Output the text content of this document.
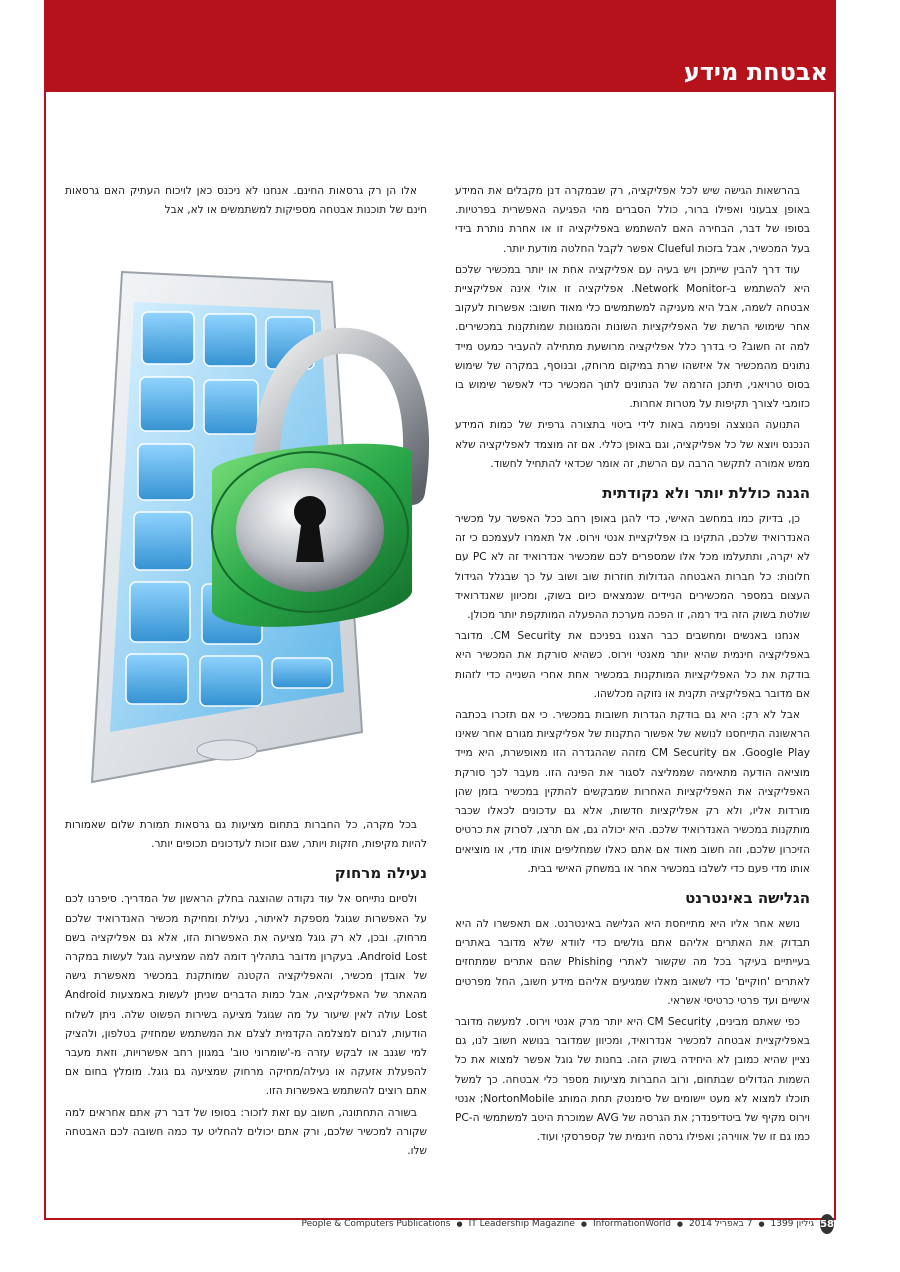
אבטחת מידע

בהרשאות הגישה שיש לכל אפליקציה, רק שבמקרה דנן מקבלים את המידע באופן צבעוני ואפילו ברור, כולל הסברים מהי הפגיעה האפשרית בפרטיות. בסופו של דבר, הבחירה האם להשתמש באפליקציה זו או אחרת נותרת בידי בעל המכשיר, אבל בזכות Clueful אפשר לקבל החלטה מודעת יותר.

עוד דרך להבין שייתכן ויש בעיה עם אפליקציה אחת או יותר במכשיר שלכם היא להשתמש ב-Network Monitor. אפליקציה זו אולי אינה אפליקציית אבטחה לשמה, אבל היא מעניקה למשתמשים כלי מאוד חשוב: אפשרות לעקוב אחר שימושי הרשת של האפליקציות השונות והמגוונות שמותקנות במכשירים. למה זה חשוב? כי בדרך כלל אפליקציה מרושעת מתחילה להעביר כמעט מייד נתונים מהמכשיר אל איזשהו שרת במיקום מרוחק, ובנוסף, במקרה של שימוש בסוס טרויאני, תיתכן הזרמה של הנתונים לתוך המכשיר כדי לאפשר שימוש בו כזומבי לצורך תקיפות על מטרות אחרות.

התנועה הנוצצה ופנימה באות לידי ביטוי בתצורה גרפית של כמות המידע הנכנס ויוצא של כל אפליקציה, וגם באופן כללי. אם זה מוצמד לאפליקציה שלא ממש אמורה לתקשר הרבה עם הרשת, זה אומר שכדאי להתחיל לחשוד.

הגנה כוללת יותר ולא נקודתית

כן, בדיוק כמו במחשב האישי, כדי להגן באופן רחב ככל האפשר על מכשיר האנדרואיד שלכם, התקינו בו אפליקציית אנטי וירוס. אל תאמרו לעצמכם כי זה לא יקרה, ותתעלמו מכל אלו שמספרים לכם שמכשיר אנדרואיד זה לא PC עם חלונות: כל חברות האבטחה הגדולות חוזרות שוב ושוב על כך שבגלל הגידול העצום במספר המכשירים הניידים שנמצאים כיום בשוק, ומכיוון שאנדרואיד שולטת בשוק הזה ביד רמה, זו הפכה מערכת ההפעלה המותקפת יותר מכולן.

אנחנו באנשים ומחשבים כבר הצגנו בפניכם את CM Security. מדובר באפליקציה חינמית שהיא יותר מאנטי וירוס. כשהיא סורקת את המכשיר היא בודקת את כל האפליקציות המותקנות במכשיר אחת אחרי השנייה כדי לזהות אם מדובר באפליקציה תקנית או נזוקה מכלשהו.

אבל לא רק: היא גם בודקת הגדרות חשובות במכשיר. כי אם תזכרו בכתבה הראשונה התייחסנו לנושא של אפשור התקנות של אפליקציות מגורם אחר שאינו Google Play. אם CM Security מזהה שההגדרה הזו מאופשרת, היא מייד מוציאה הודעה מתאימה שממליצה לסגור את הפינה הזו. מעבר לכך סורקת האפליקציה את האפליקציות האחרות שמבקשים להתקין במכשיר בזמן שהן מורדות אליו, ולא רק אפליקציות חדשות, אלא גם עדכונים לכאלו שכבר מותקנות במכשיר האנדרואיד שלכם. היא יכולה גם, אם תרצו, לסרוק את כרטיס הזיכרון שלכם, וזה חשוב מאוד אם אתם כאלו שמחליפים אותו מדי, או מוציאים אותו מדי פעם כדי לשלבו במכשיר אחר או במשחק האישי בבית.

הגלישה באינטרנט

נושא אחר אליו היא מתייחסת היא הגלישה באינטרנט. אם תאפשרו לה היא תבדוק את האתרים אליהם אתם גולשים כדי לוודא שלא מדובר באתרים בעייתיים בעיקר בכל מה שקשור לאתרי Phishing שהם אתרים שמתחזים לאתרים 'חוקיים' כדי לשאוב מאלו שמגיעים אליהם מידע חשוב, החל מפרטים אישיים ועד פרטי כרטיסי אשראי.

כפי שאתם מבינים, CM Security היא יותר מרק אנטי וירוס. למעשה מדובר באפליקציית אבטחה למכשיר אנדרואיד, ומכיוון שמדובר בנושא חשוב לנו, גם נציין שהיא כמובן לא היחידה בשוק הזה. בחנות של גוגל אפשר למצוא את כל השמות הגדולים שבתחום, ורוב החברות מציעות מספר כלי אבטחה. כך למשל תוכלו למצוא לא מעט יישומים של סימנטק תחת המותג NortonMobile; אנטי וירוס מקיף של ביטדיפנדר; את הגרסה של AVG שמוכרת היטב למשתמשי ה-PC כמו גם זו של אווירה; ואפילו גרסה חינמית של קספרסקי ועוד.

אלו הן רק גרסאות החינם. אנחנו לא ניכנס כאן לויכוח העתיק האם גרסאות חינם של תוכנות אבטחה מספיקות למשתמשים או לא, אבל

בכל מקרה, כל החברות בתחום מציעות גם גרסאות תמורת שלום שאמורות להיות מקיפות, חזקות ויותר, שגם זוכות לעדכונים תכופים יותר.

נעילה מרחוק

ולסיום נתייחס אל עוד נקודה שהוצגה בחלק הראשון של המדריך. סיפרנו לכם על האפשרות שגוגל מספקת לאיתור, נעילת ומחיקת מכשיר האנדרואיד שלכם מרחוק. ובכן, לא רק גוגל מציעה את האפשרות הזו, אלא גם אפליקציה בשם Android Lost. בעקרון מדובר בתהליך דומה למה שמציעה גוגל לעשות במקרה של אובדן מכשיר, והאפליקציה הקטנה שמותקנת במכשיר מאפשרת גישה מהאתר של האפליקציה, אבל כמות הדברים שניתן לעשות באמצעות Android Lost עולה לאין שיעור על מה שגוגל מציעה בשירות הפשוט שלה. ניתן לשלוח הודעות, לגרום למצלמה הקדמית לצלם את המשתמש שמחזיק בטלפון, ולהציק למי שגנב או לבקש עזרה מ-'שומרוני טוב' במגוון רחב אפשרויות, וזאת מעבר להפעלת אזעקה או נעילה/מחיקה מרחוק שמציעה גם גוגל. מומלץ בחום אם אתם רוצים להשתמש באפשרות הזו.

בשורה התחתונה, חשוב עם זאת לזכור: בסופו של דבר רק אתם אחראים למה שקורה למכשיר שלכם, ורק אתם יכולים להחליט עד כמה חשובה לכם האבטחה שלו.

People & Computers Publications ● IT Leadership Magazine ● InformationWorld ● 7 באפריל 2014 ● גיליון 1399 58
